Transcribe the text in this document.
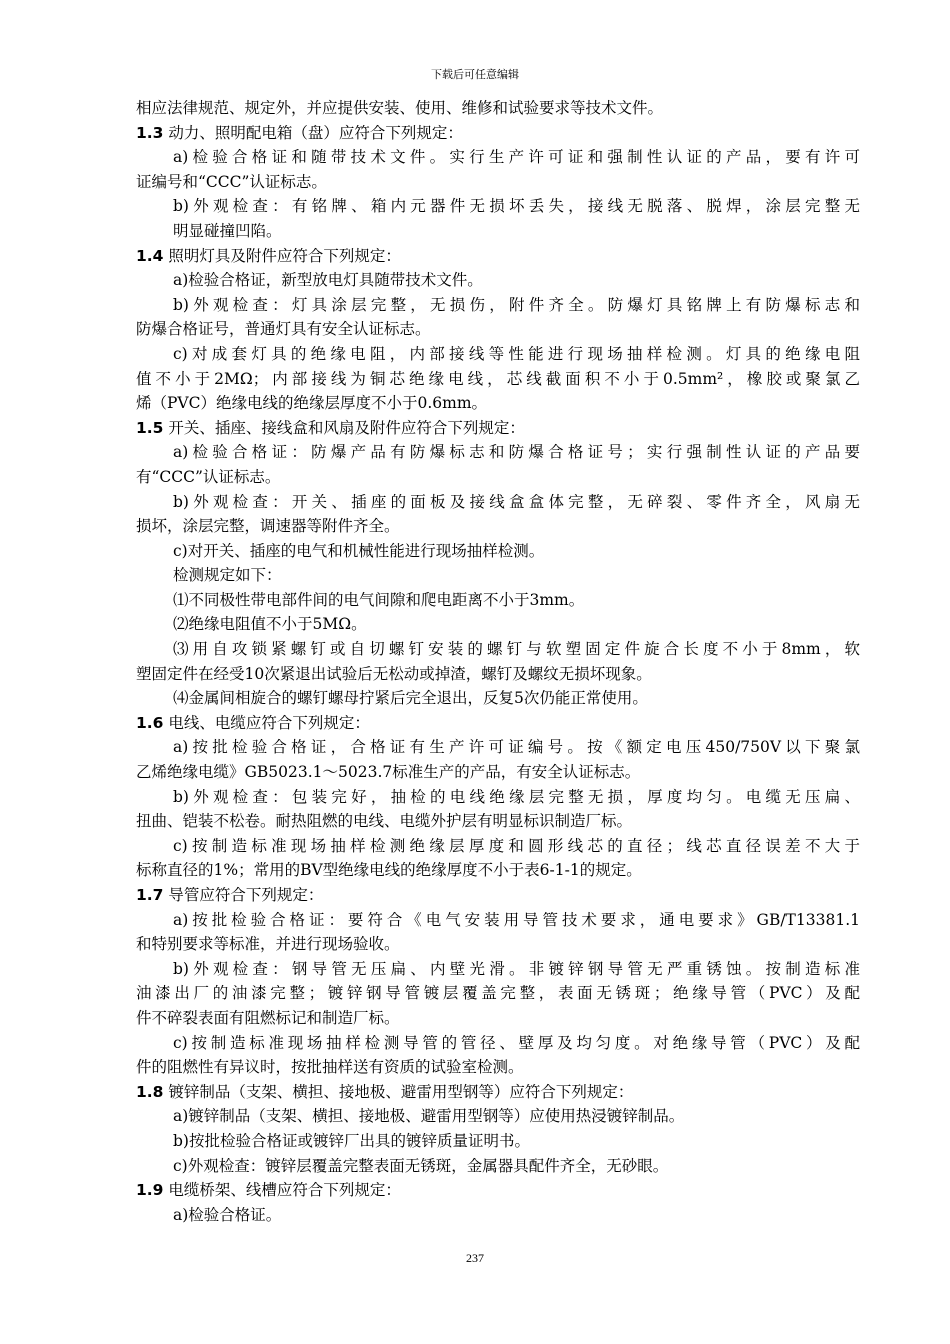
下载后可任意编辑
相应法律规范、规定外，并应提供安装、使用、维修和试验要求等技术文件。
1.3 动力、照明配电箱（盘）应符合下列规定：
a)检验合格证和随带技术文件。实行生产许可证和强制性认证的产品，要有许可
证编号和“CCC”认证标志。
b)外观检查：有铭牌、箱内元器件无损坏丢失，接线无脱落、脱焊，涂层完整无
明显碰撞凹陷。
1.4 照明灯具及附件应符合下列规定：
a)检验合格证，新型放电灯具随带技术文件。
b)外观检查：灯具涂层完整，无损伤，附件齐全。防爆灯具铭牌上有防爆标志和
防爆合格证号，普通灯具有安全认证标志。
c)对成套灯具的绝缘电阻，内部接线等性能进行现场抽样检测。灯具的绝缘电阻
值不小于2MΩ；内部接线为铜芯绝缘电线，芯线截面积不小于0.5mm²，橡胶或聚氯乙
烯（PVC）绝缘电线的绝缘层厚度不小于0.6mm。
1.5 开关、插座、接线盒和风扇及附件应符合下列规定：
a)检验合格证：防爆产品有防爆标志和防爆合格证号；实行强制性认证的产品要
有“CCC”认证标志。
b)外观检查：开关、插座的面板及接线盒盒体完整，无碎裂、零件齐全，风扇无
损坏，涂层完整，调速器等附件齐全。
c)对开关、插座的电气和机械性能进行现场抽样检测。
检测规定如下：
⑴不同极性带电部件间的电气间隙和爬电距离不小于3mm。
⑵绝缘电阻值不小于5MΩ。
⑶用自攻锁紧螺钉或自切螺钉安装的螺钉与软塑固定件旋合长度不小于8mm，软
塑固定件在经受10次紧退出试验后无松动或掉渣，螺钉及螺纹无损坏现象。
⑷金属间相旋合的螺钉螺母拧紧后完全退出，反复5次仍能正常使用。
1.6 电线、电缆应符合下列规定：
a)按批检验合格证，合格证有生产许可证编号。按《额定电压450/750V以下聚氯
乙烯绝缘电缆》GB5023.1～5023.7标准生产的产品，有安全认证标志。
b)外观检查：包装完好，抽检的电线绝缘层完整无损，厚度均匀。电缆无压扁、
扭曲、铠装不松卷。耐热阻燃的电线、电缆外护层有明显标识制造厂标。
c)按制造标准现场抽样检测绝缘层厚度和圆形线芯的直径；线芯直径误差不大于
标称直径的1%；常用的BV型绝缘电线的绝缘厚度不小于表6-1-1的规定。
1.7 导管应符合下列规定：
a)按批检验合格证：要符合《电气安装用导管技术要求，通电要求》GB/T13381.1
和特别要求等标准，并进行现场验收。
b)外观检查：钢导管无压扁、内壁光滑。非镀锌钢导管无严重锈蚀。按制造标准
油漆出厂的油漆完整；镀锌钢导管镀层覆盖完整，表面无锈斑；绝缘导管（PVC）及配
件不碎裂表面有阻燃标记和制造厂标。
c)按制造标准现场抽样检测导管的管径、壁厚及均匀度。对绝缘导管（PVC）及配
件的阻燃性有异议时，按批抽样送有资质的试验室检测。
1.8 镀锌制品（支架、横担、接地极、避雷用型钢等）应符合下列规定：
a)镀锌制品（支架、横担、接地极、避雷用型钢等）应使用热浸镀锌制品。
b)按批检验合格证或镀锌厂出具的镀锌质量证明书。
c)外观检查：镀锌层覆盖完整表面无锈斑，金属器具配件齐全，无砂眼。
1.9 电缆桥架、线槽应符合下列规定：
a)检验合格证。
237
